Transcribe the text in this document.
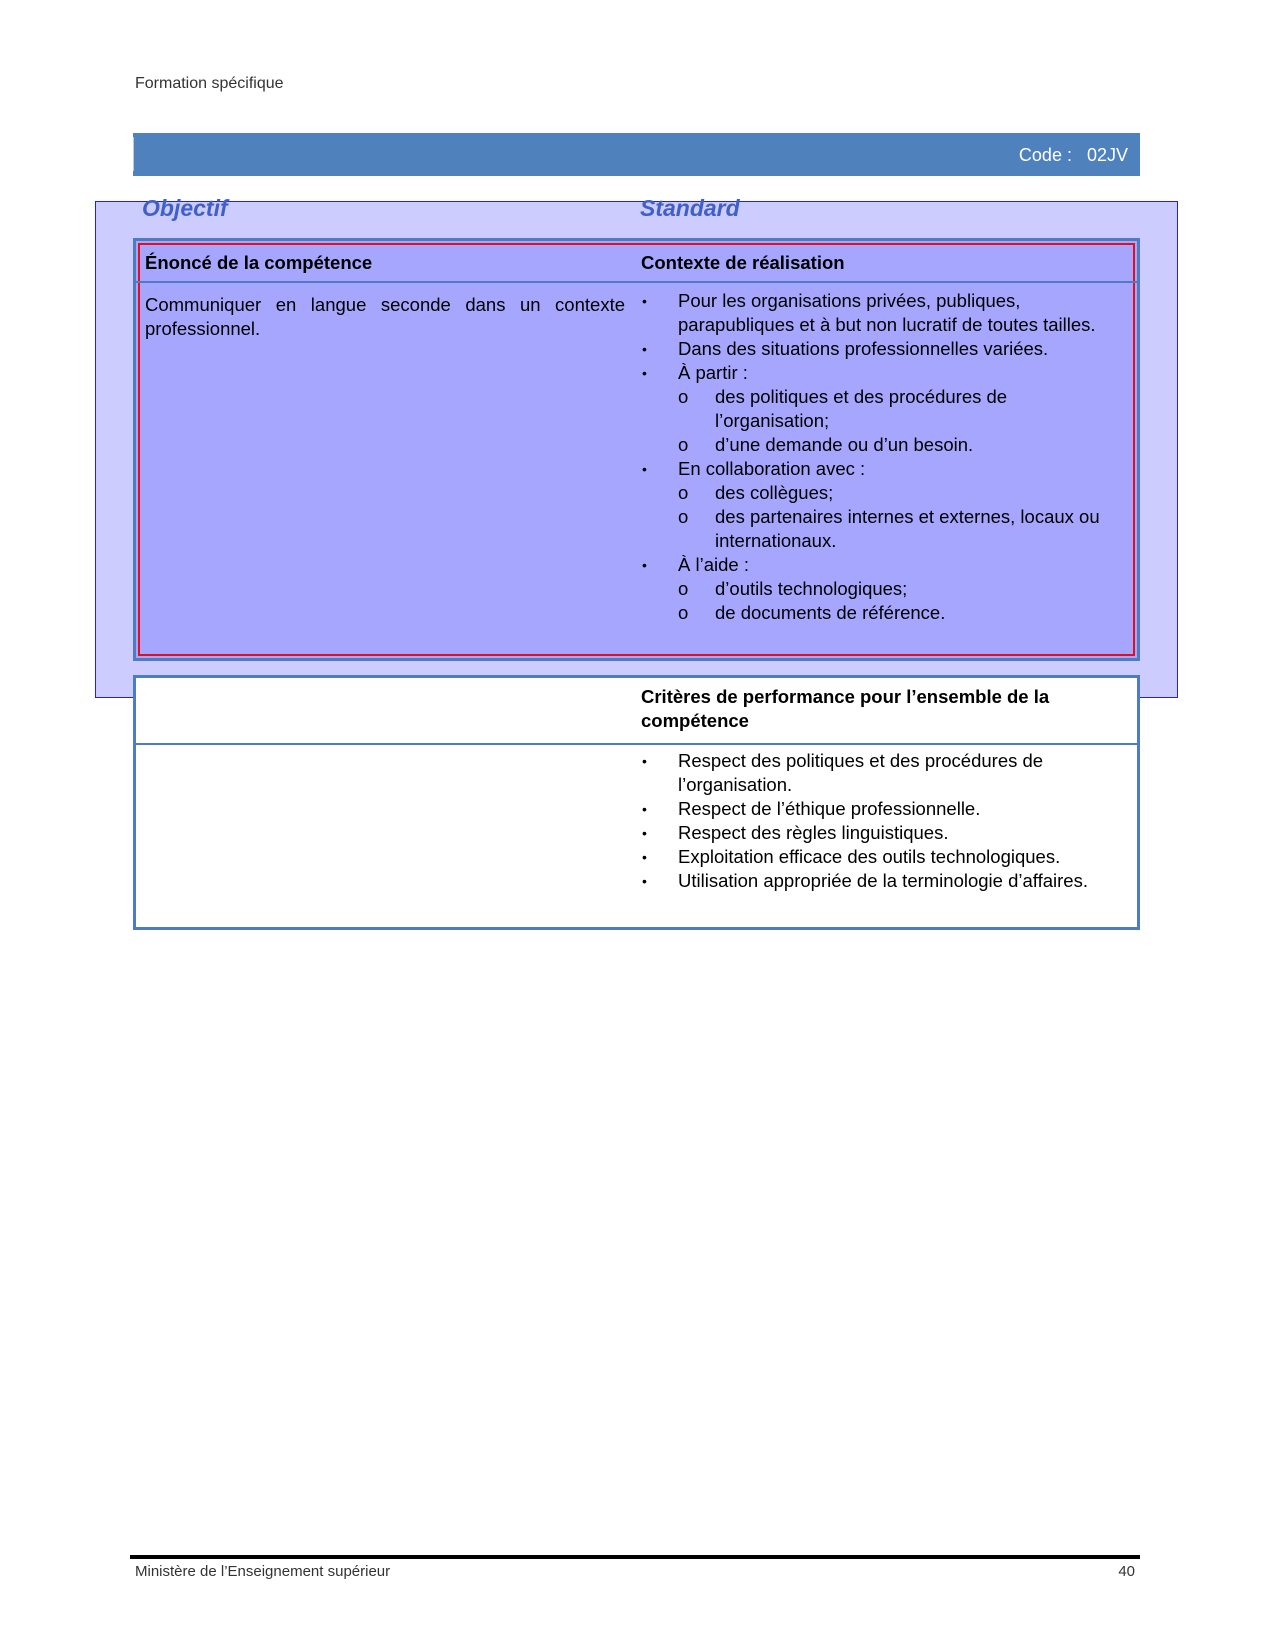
Formation spécifique
Code :   02JV
Objectif	Standard
Énoncé de la compétence	Contexte de réalisation
Communiquer en langue seconde dans un contexte professionnel.
• Pour les organisations privées, publiques, parapubliques et à but non lucratif de toutes tailles.
• Dans des situations professionnelles variées.
• À partir :
o des politiques et des procédures de l’organisation;
o d’une demande ou d’un besoin.
• En collaboration avec :
o des collègues;
o des partenaires internes et externes, locaux ou internationaux.
• À l’aide :
o d’outils technologiques;
o de documents de référence.
Critères de performance pour l’ensemble de la compétence
• Respect des politiques et des procédures de l’organisation.
• Respect de l’éthique professionnelle.
• Respect des règles linguistiques.
• Exploitation efficace des outils technologiques.
• Utilisation appropriée de la terminologie d’affaires.
Ministère de l’Enseignement supérieur	40
